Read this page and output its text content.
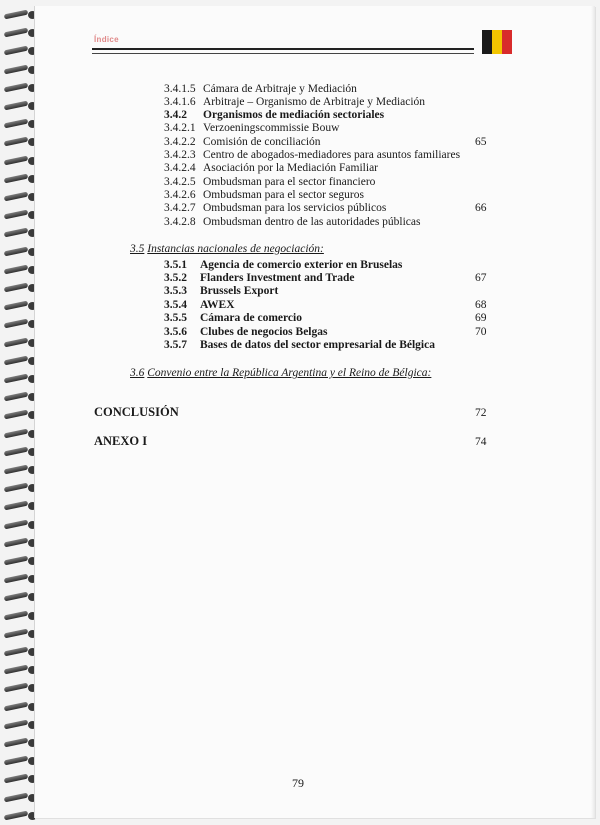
Índice
3.4.1.5 Cámara de Arbitraje y Mediación
3.4.1.6 Arbitraje – Organismo de Arbitraje y Mediación
3.4.2 Organismos de mediación sectoriales
3.4.2.1 Verzoeningscommissie Bouw
3.4.2.2 Comisión de conciliación	65
3.4.2.3 Centro de abogados-mediadores para asuntos familiares
3.4.2.4 Asociación por la Mediación Familiar
3.4.2.5 Ombudsman para el sector financiero
3.4.2.6 Ombudsman para el sector seguros
3.4.2.7 Ombudsman para los servicios públicos	66
3.4.2.8 Ombudsman dentro de las autoridades públicas
3.5 Instancias nacionales de negociación:
3.5.1 Agencia de comercio exterior en Bruselas
3.5.2 Flanders Investment and Trade	67
3.5.3 Brussels Export
3.5.4 AWEX	68
3.5.5 Cámara de comercio	69
3.5.6 Clubes de negocios Belgas	70
3.5.7 Bases de datos del sector empresarial de Bélgica
3.6 Convenio entre la República Argentina y el Reino de Bélgica:
CONCLUSIÓN	72
ANEXO I	74
79
